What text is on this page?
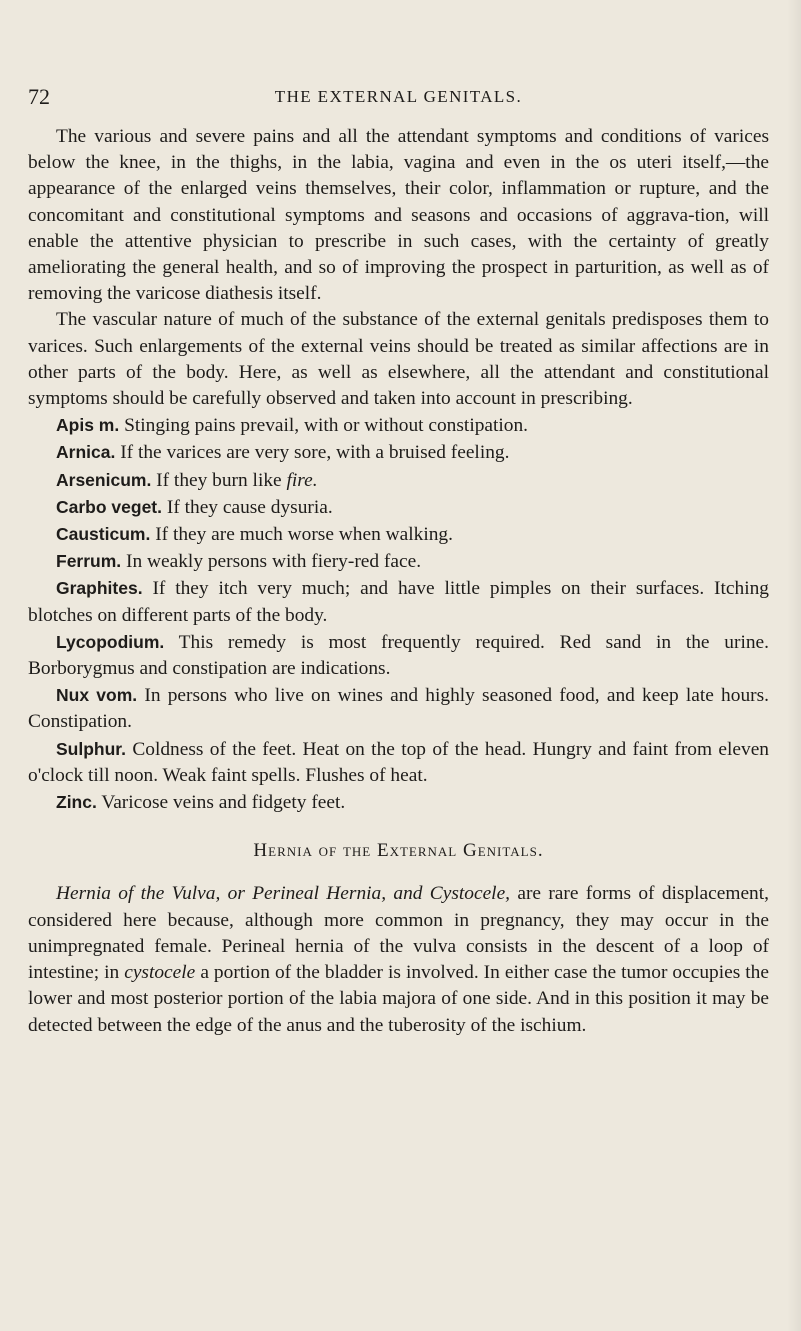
72	THE EXTERNAL GENITALS.

The various and severe pains and all the attendant symptoms and conditions of varices below the knee, in the thighs, in the labia, vagina and even in the os uteri itself,—the appearance of the enlarged veins themselves, their color, inflammation or rupture, and the concomitant and constitutional symptoms and seasons and occasions of aggrava-tion, will enable the attentive physician to prescribe in such cases, with the certainty of greatly ameliorating the general health, and so of improving the prospect in parturition, as well as of removing the varicose diathesis itself.

The vascular nature of much of the substance of the external genitals predisposes them to varices. Such enlargements of the external veins should be treated as similar affections are in other parts of the body. Here, as well as elsewhere, all the attendant and constitutional symptoms should be carefully observed and taken into account in prescribing.

Apis m. Stinging pains prevail, with or without constipation.

Arnica. If the varices are very sore, with a bruised feeling.

Arsenicum. If they burn like fire.

Carbo veget. If they cause dysuria.

Causticum. If they are much worse when walking.

Ferrum. In weakly persons with fiery-red face.

Graphites. If they itch very much; and have little pimples on their surfaces. Itching blotches on different parts of the body.

Lycopodium. This remedy is most frequently required. Red sand in the urine. Borborygmus and constipation are indications.

Nux vom. In persons who live on wines and highly seasoned food, and keep late hours. Constipation.

Sulphur. Coldness of the feet. Heat on the top of the head. Hungry and faint from eleven o'clock till noon. Weak faint spells. Flushes of heat.

Zinc. Varicose veins and fidgety feet.

Hernia of the External Genitals.

Hernia of the Vulva, or Perineal Hernia, and Cystocele, are rare forms of displacement, considered here because, although more common in pregnancy, they may occur in the unimpregnated female. Perineal hernia of the vulva consists in the descent of a loop of intestine; in cystocele a portion of the bladder is involved. In either case the tumor occupies the lower and most posterior portion of the labia majora of one side. And in this position it may be detected between the edge of the anus and the tuberosity of the ischium.
